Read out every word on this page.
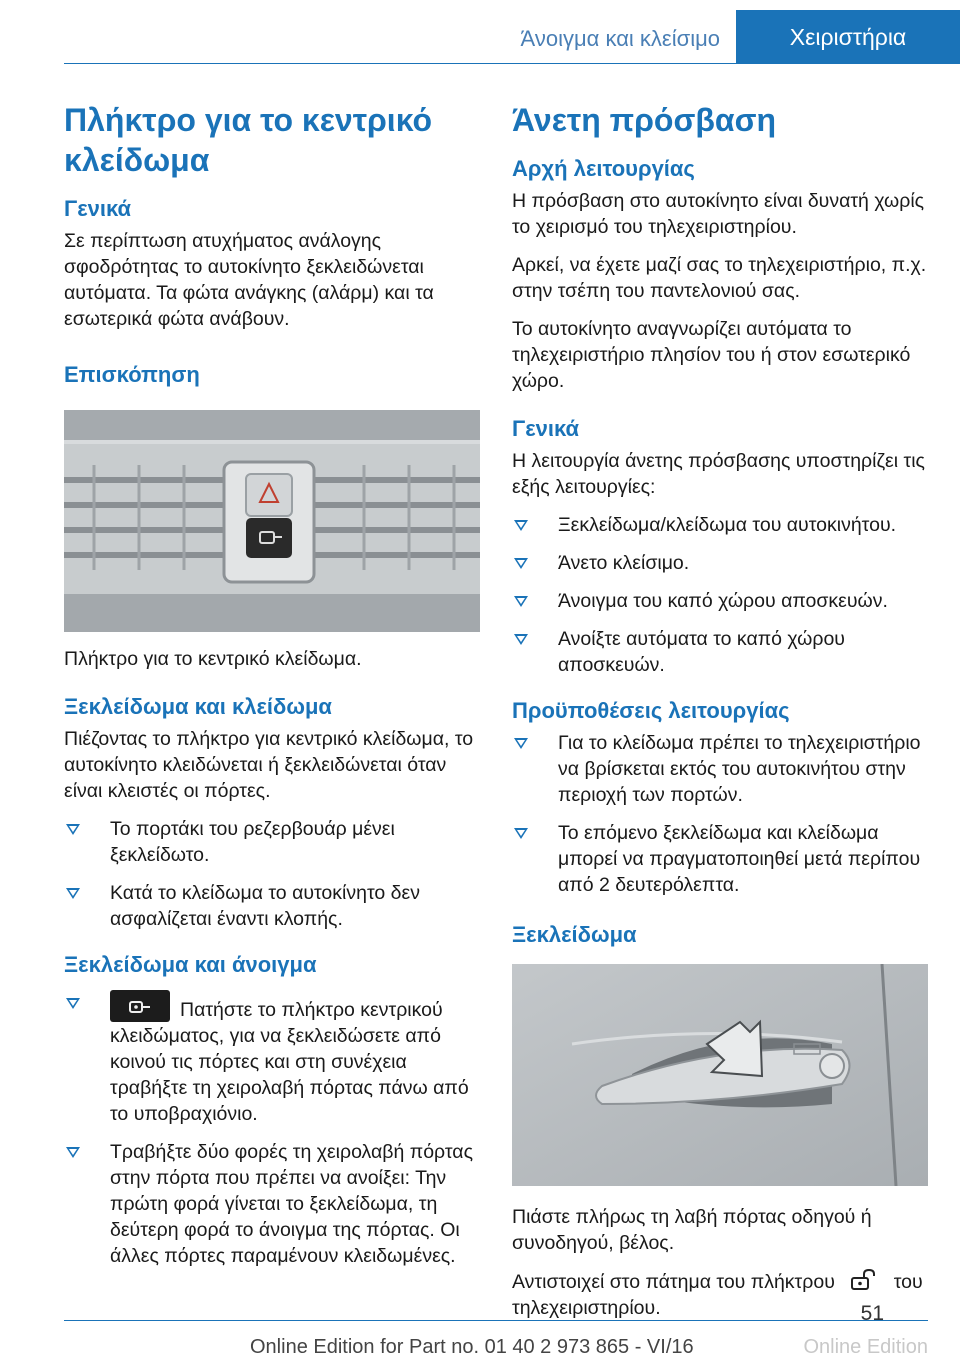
Άνοιγμα και κλείσιμο	Χειριστήρια
Πλήκτρο για το κεντρικό κλείδωμα
Γενικά

Σε περίπτωση ατυχήματος ανάλογης σφοδρότητας το αυτοκίνητο ξεκλειδώνεται αυτόματα. Τα φώτα ανάγκης (αλάρμ) και τα εσωτερικά φώτα ανάβουν.

Επισκόπηση
Πλήκτρο για το κεντρικό κλείδωμα.
Ξεκλείδωμα και κλείδωμα

Πιέζοντας το πλήκτρο για κεντρικό κλείδωμα, το αυτοκίνητο κλειδώνεται ή ξεκλειδώνεται όταν είναι κλειστές οι πόρτες.

Το πορτάκι του ρεζερβουάρ μένει ξεκλείδωτο.
Κατά το κλείδωμα το αυτοκίνητο δεν ασφαλίζεται έναντι κλοπής.
Ξεκλείδωμα και άνοιγμα
Πατήστε το πλήκτρο κεντρικού κλειδώματος, για να ξεκλειδώσετε από κοινού τις πόρτες και στη συνέχεια τραβήξτε τη χειρολαβή πόρτας πάνω από το υποβραχιόνιο.
Τραβήξτε δύο φορές τη χειρολαβή πόρτας στην πόρτα που πρέπει να ανοίξει: Την πρώτη φορά γίνεται το ξεκλείδωμα, τη δεύτερη φορά το άνοιγμα της πόρτας. Οι άλλες πόρτες παραμένουν κλειδωμένες.
Άνετη πρόσβαση
Αρχή λειτουργίας

Η πρόσβαση στο αυτοκίνητο είναι δυνατή χωρίς το χειρισμό του τηλεχειριστηρίου.

Αρκεί, να έχετε μαζί σας το τηλεχειριστήριο, π.χ. στην τσέπη του παντελονιού σας.

Το αυτοκίνητο αναγνωρίζει αυτόματα το τηλεχειριστήριο πλησίον του ή στον εσωτερικό χώρο.

Γενικά

Η λειτουργία άνετης πρόσβασης υποστηρίζει τις εξής λειτουργίες:

Ξεκλείδωμα/κλείδωμα του αυτοκινήτου.
Άνετο κλείσιμο.
Άνοιγμα του καπό χώρου αποσκευών.
Ανοίξτε αυτόματα το καπό χώρου αποσκευών.
Προϋποθέσεις λειτουργίας
Για το κλείδωμα πρέπει το τηλεχειριστήριο να βρίσκεται εκτός του αυτοκινήτου στην περιοχή των πορτών.
Το επόμενο ξεκλείδωμα και κλείδωμα μπορεί να πραγματοποιηθεί μετά περίπου από 2 δευτερόλεπτα.
Ξεκλείδωμα

Πιάστε πλήρως τη λαβή πόρτας οδηγού ή συνοδηγού, βέλος.

Αντιστοιχεί στο πάτημα του πλήκτρου	του τηλεχειριστηρίου.

Online Edition for Part no. 01 40 2 973 865 - VI/16	Online Edition
51
